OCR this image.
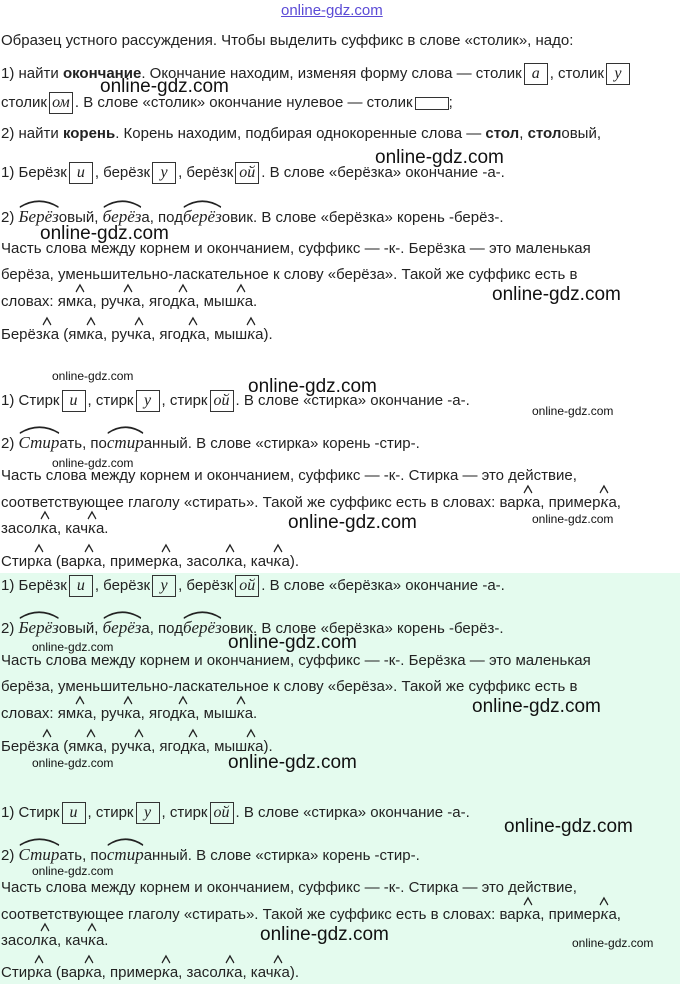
online-gdz.com
Образец устного рассуждения. Чтобы выделить суффикс в слове «столик», надо:
1) найти окончание. Окончание находим, изменяя форму слова — столик а , столик у
столик ом . В слове «столик» окончание нулевое — столик ;
2) найти корень. Корень находим, подбирая однокоренные слова — стол, столовый,
1) Берёзк и , берёзк у , берёзк ой . В слове «берёзка» окончание -а-.
2)
Берёзовый,
берёза, под
берёзовик. В слове «берёзка» корень -берёз-.
Часть слова между корнем и окончанием, суффикс — -к-. Берёзка — это маленькая
берёза, уменьшительно-ласкательное к слову «берёза». Такой же суффикс есть в
словах: ям
ка, руч
ка, ягод
ка, мыш
ка.
Берёз
ка (ям
ка, руч
ка, ягод
ка, мыш
ка).
1) Стирк и , стирк у , стирк ой . В слове «стирка» окончание -а-.
2)
Стирать, по
стиранный. В слове «стирка» корень -стир-.
Часть слова между корнем и окончанием, суффикс — -к-. Стирка — это действие,
соответствующее глаголу «стирать». Такой же суффикс есть в словах: вар
ка, пример
ка,
засол
ка, кач
ка.
Стир
ка (вар
ка, пример
ка, засол
ка, кач
ка).
1) Берёзк и , берёзк у , берёзк ой . В слове «берёзка» окончание -а-.
2)
Берёзовый,
берёза, под
берёзовик. В слове «берёзка» корень -берёз-.
Часть слова между корнем и окончанием, суффикс — -к-. Берёзка — это маленькая
берёза, уменьшительно-ласкательное к слову «берёза». Такой же суффикс есть в
словах: ям
ка, руч
ка, ягод
ка, мыш
ка.
Берёз
ка (ям
ка, руч
ка, ягод
ка, мыш
ка).
1) Стирк и , стирк у , стирк ой . В слове «стирка» окончание -а-.
2)
Стирать, по
стиранный. В слове «стирка» корень -стир-.
Часть слова между корнем и окончанием, суффикс — -к-. Стирка — это действие,
соответствующее глаголу «стирать». Такой же суффикс есть в словах: вар
ка, пример
ка,
засол
ка, кач
ка.
Стир
ка (вар
ка, пример
ка, засол
ка, кач
ка).
online-gdz.com
online-gdz.com
online-gdz.com
online-gdz.com
online-gdz.com	online-gdz.com
online-gdz.com
online-gdz.com
online-gdz.com	online-gdz.com
online-gdz.com	online-gdz.com
online-gdz.com
online-gdz.com	online-gdz.com
online-gdz.com
online-gdz.com
online-gdz.com	online-gdz.com
